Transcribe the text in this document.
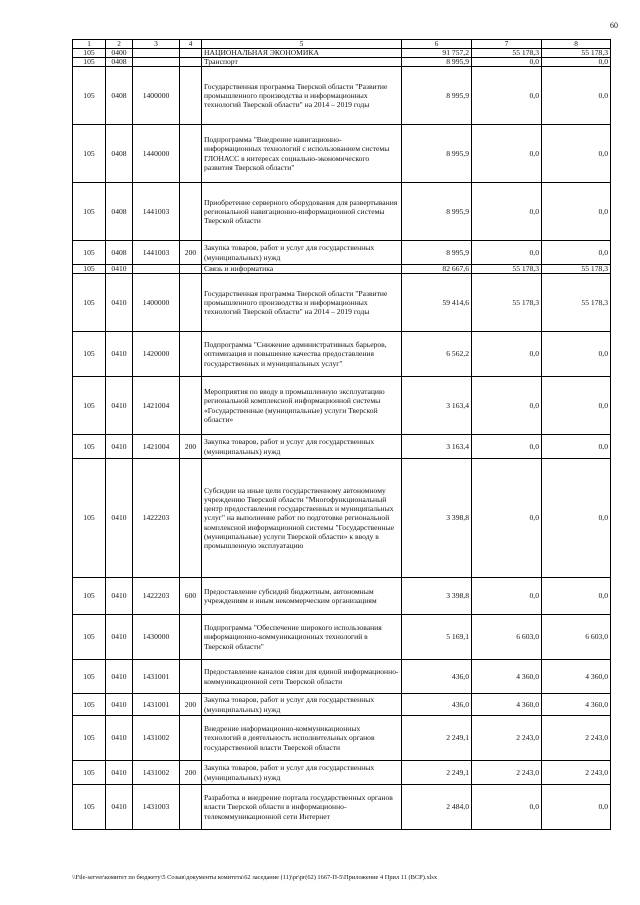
60
1	2	3	4	5	6	7	8
105	0400			НАЦИОНАЛЬНАЯ ЭКОНОМИКА	91 757,2	55 178,3	55 178,3
105	0408			Транспорт	8 995,9	0,0	0,0
105	0408	1400000		Государственная программа Тверской области "Развитие промышленного производства и информационных технологий Тверской области" на 2014 – 2019 годы	8 995,9	0,0	0,0
105	0408	1440000		Подпрограмма "Внедрение навигационно-информационных технологий с использованием системы ГЛОНАСС в интересах социально-экономического развития Тверской области"	8 995,9	0,0	0,0
105	0408	1441003		Приобретение серверного оборудования для развертывания региональной навигационно-информационной системы Тверской области	8 995,9	0,0	0,0
105	0408	1441003	200	Закупка товаров, работ и услуг для государственных (муниципальных) нужд	8 995,9	0,0	0,0
105	0410			Связь и информатика	82 667,6	55 178,3	55 178,3
105	0410	1400000		Государственная программа Тверской области "Развитие промышленного производства и информационных технологий Тверской области" на 2014 – 2019 годы	59 414,6	55 178,3	55 178,3
105	0410	1420000		Подпрограмма "Снижение административных барьеров, оптимизация и повышение качества предоставления государственных и муниципальных услуг"	6 562,2	0,0	0,0
105	0410	1421004		Мероприятия по вводу в промышленную эксплуатацию региональной комплексной информационной системы «Государственные (муниципальные) услуги Тверской области»	3 163,4	0,0	0,0
105	0410	1421004	200	Закупка товаров, работ и услуг для государственных (муниципальных) нужд	3 163,4	0,0	0,0
105	0410	1422203		Субсидии на иные цели государственному автономному учреждению Тверской области "Многофункциональный центр предоставления государственных и муниципальных услуг" на выполнение работ по подготовке региональной комплексной информационной системы "Государственные (муниципальные) услуги Тверской области» к вводу в промышленную эксплуатацию	3 398,8	0,0	0,0
105	0410	1422203	600	Предоставление субсидий бюджетным, автономным учреждениям и иным некоммерческим организациям	3 398,8	0,0	0,0
105	0410	1430000		Подпрограмма "Обеспечение широкого использования информационно-коммуникационных технологий в Тверской области"	5 169,1	6 603,0	6 603,0
105	0410	1431001		Предоставление каналов связи для единой информационно-коммуникационной сети Тверской области	436,0	4 360,0	4 360,0
105	0410	1431001	200	Закупка товаров, работ и услуг для государственных (муниципальных) нужд	436,0	4 360,0	4 360,0
105	0410	1431002		Внедрение информационно-коммуникационных технологий в деятельность исполнительных органов государственной власти Тверской области	2 249,1	2 243,0	2 243,0
105	0410	1431002	200	Закупка товаров, работ и услуг для государственных (муниципальных) нужд	2 249,1	2 243,0	2 243,0
105	0410	1431003		Разработка и внедрение портала государственных органов власти Тверской области в информационно-телекоммуникационной сети Интернет	2 484,0	0,0	0,0
\\File-server\комитет по бюджету\5 Созыв\документы комитета\62 заседание (11)\pr\pr(62) 1667-П-5\Приложение 4 Прил 11 (ВСР).xlsx
